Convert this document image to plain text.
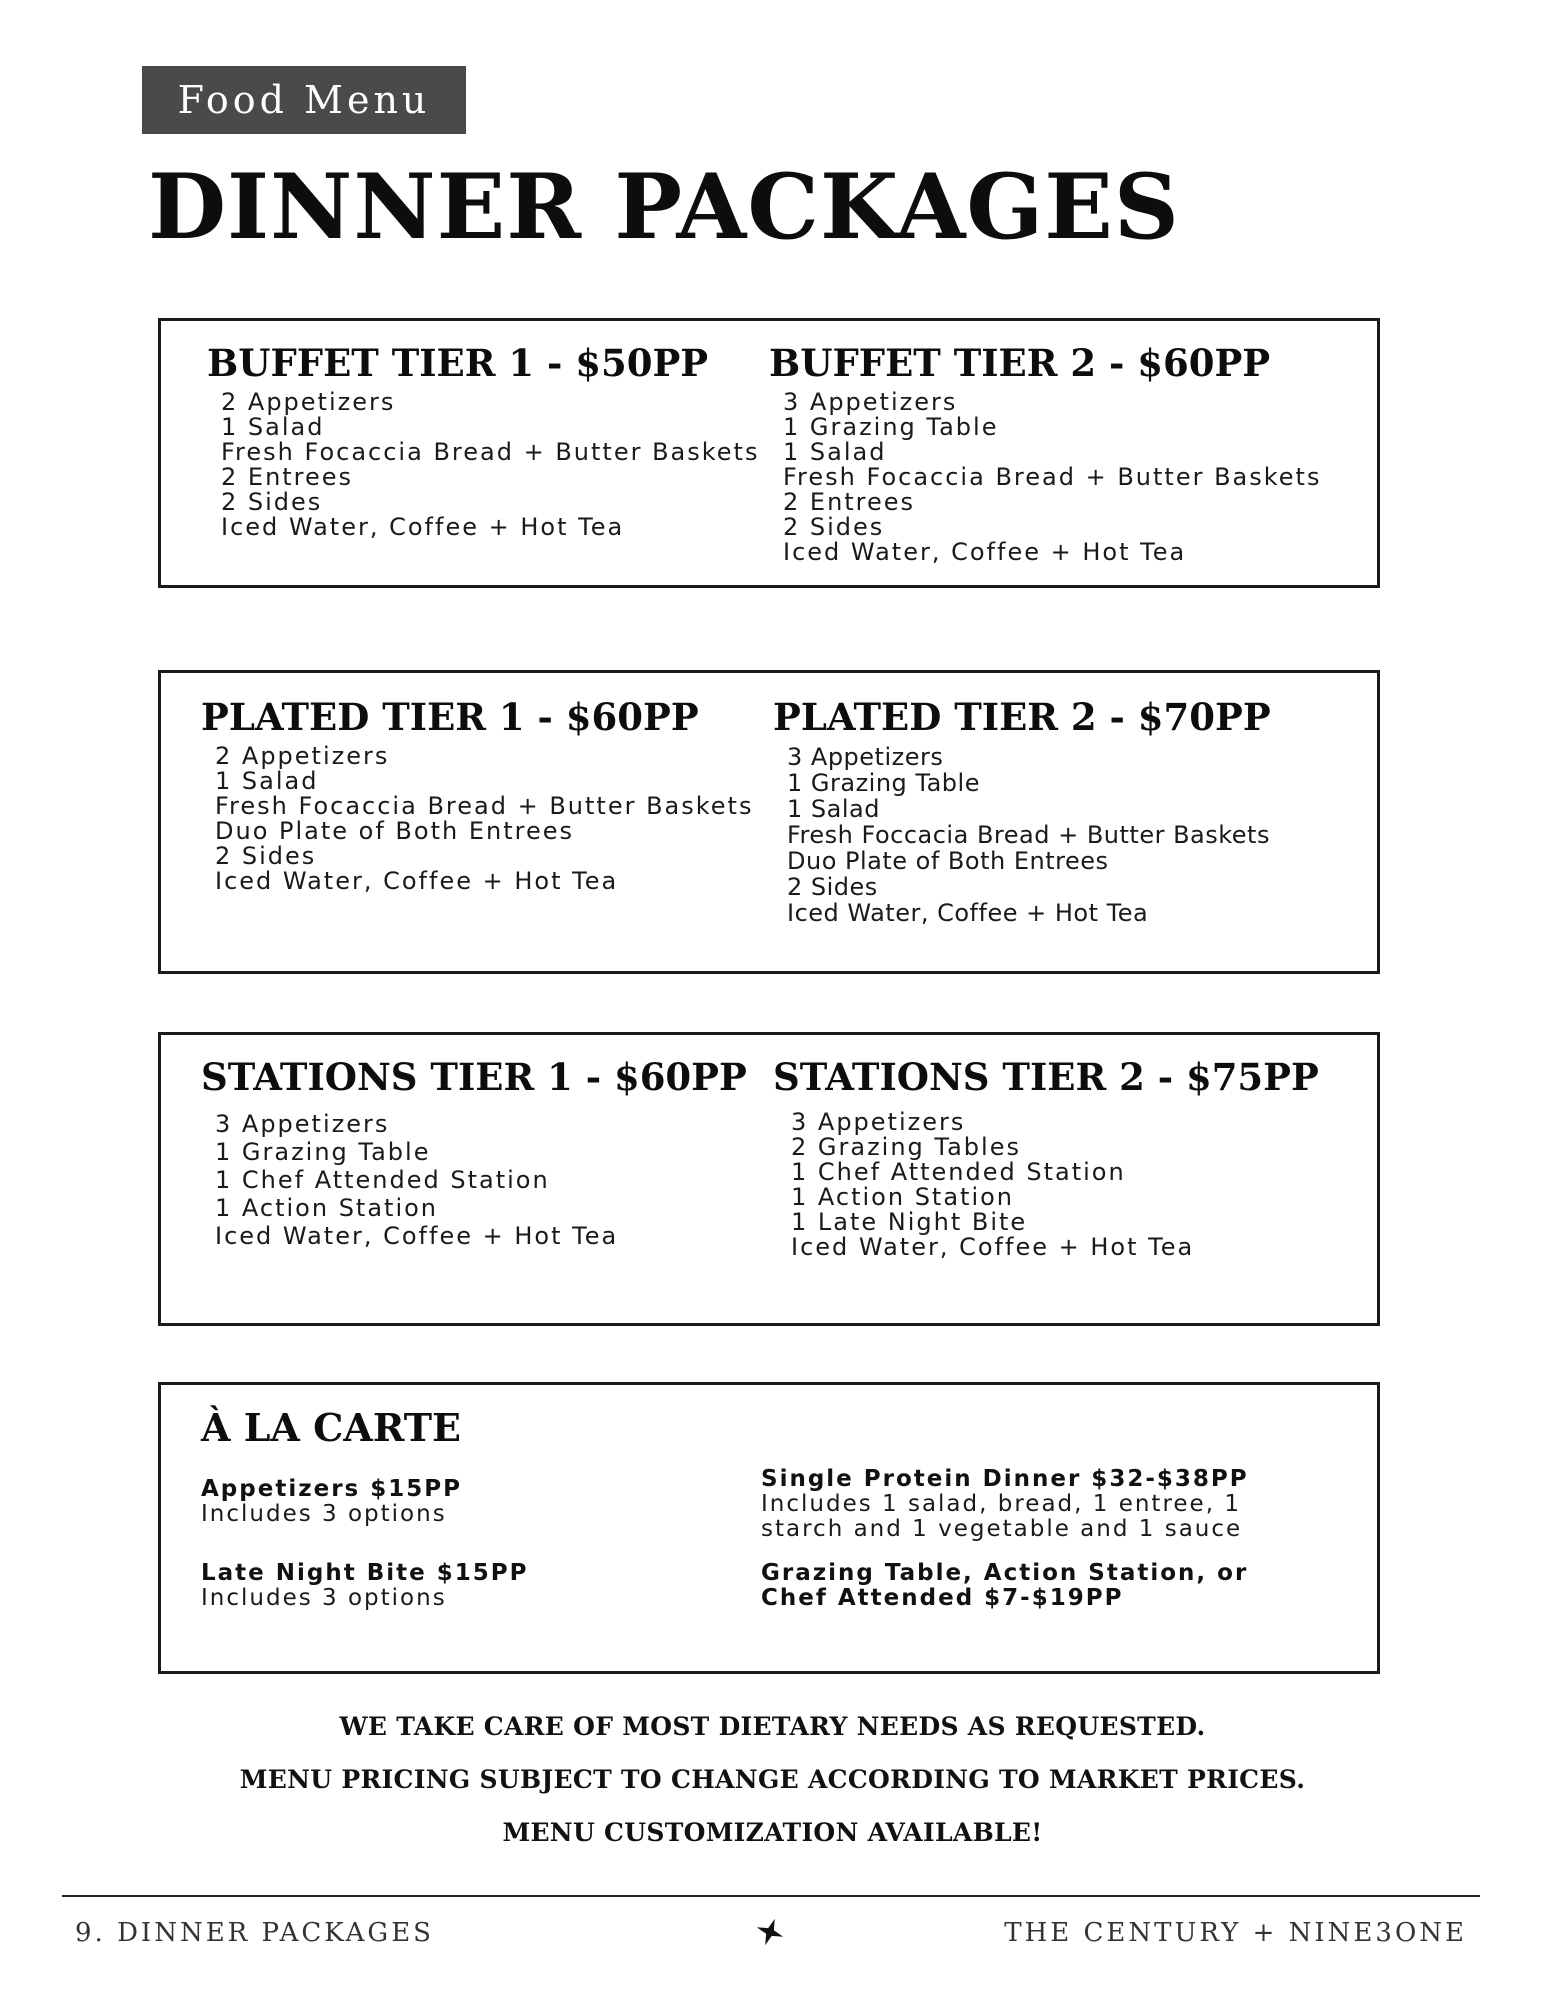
Food Menu
DINNER PACKAGES
BUFFET TIER 1 - $50PP
2 Appetizers
1 Salad
Fresh Focaccia Bread + Butter Baskets
2 Entrees
2 Sides
Iced Water, Coffee + Hot Tea
BUFFET TIER 2 - $60PP
3 Appetizers
1 Grazing Table
1 Salad
Fresh Focaccia Bread + Butter Baskets
2 Entrees
2 Sides
Iced Water, Coffee + Hot Tea
PLATED TIER 1 - $60PP
2 Appetizers
1 Salad
Fresh Focaccia Bread + Butter Baskets
Duo Plate of Both Entrees
2 Sides
Iced Water, Coffee + Hot Tea
PLATED TIER 2 - $70PP
3 Appetizers
1 Grazing Table
1 Salad
Fresh Foccacia Bread + Butter Baskets
Duo Plate of Both Entrees
2 Sides
Iced Water, Coffee + Hot Tea
STATIONS TIER 1 - $60PP
3 Appetizers
1 Grazing Table
1 Chef Attended Station
1 Action Station
Iced Water, Coffee + Hot Tea
STATIONS TIER 2 - $75PP
3 Appetizers
2 Grazing Tables
1 Chef Attended Station
1 Action Station
1 Late Night Bite
Iced Water, Coffee + Hot Tea
À LA CARTE
Appetizers $15PP
Includes 3 options
Late Night Bite $15PP
Includes 3 options
Single Protein Dinner $32-$38PP
Includes 1 salad, bread, 1 entree, 1
starch and 1 vegetable and 1 sauce
Grazing Table, Action Station, or
Chef Attended $7-$19PP
WE TAKE CARE OF MOST DIETARY NEEDS AS REQUESTED.
MENU PRICING SUBJECT TO CHANGE ACCORDING TO MARKET PRICES.
MENU CUSTOMIZATION AVAILABLE!
9. DINNER PACKAGES	THE CENTURY + NINE3ONE
